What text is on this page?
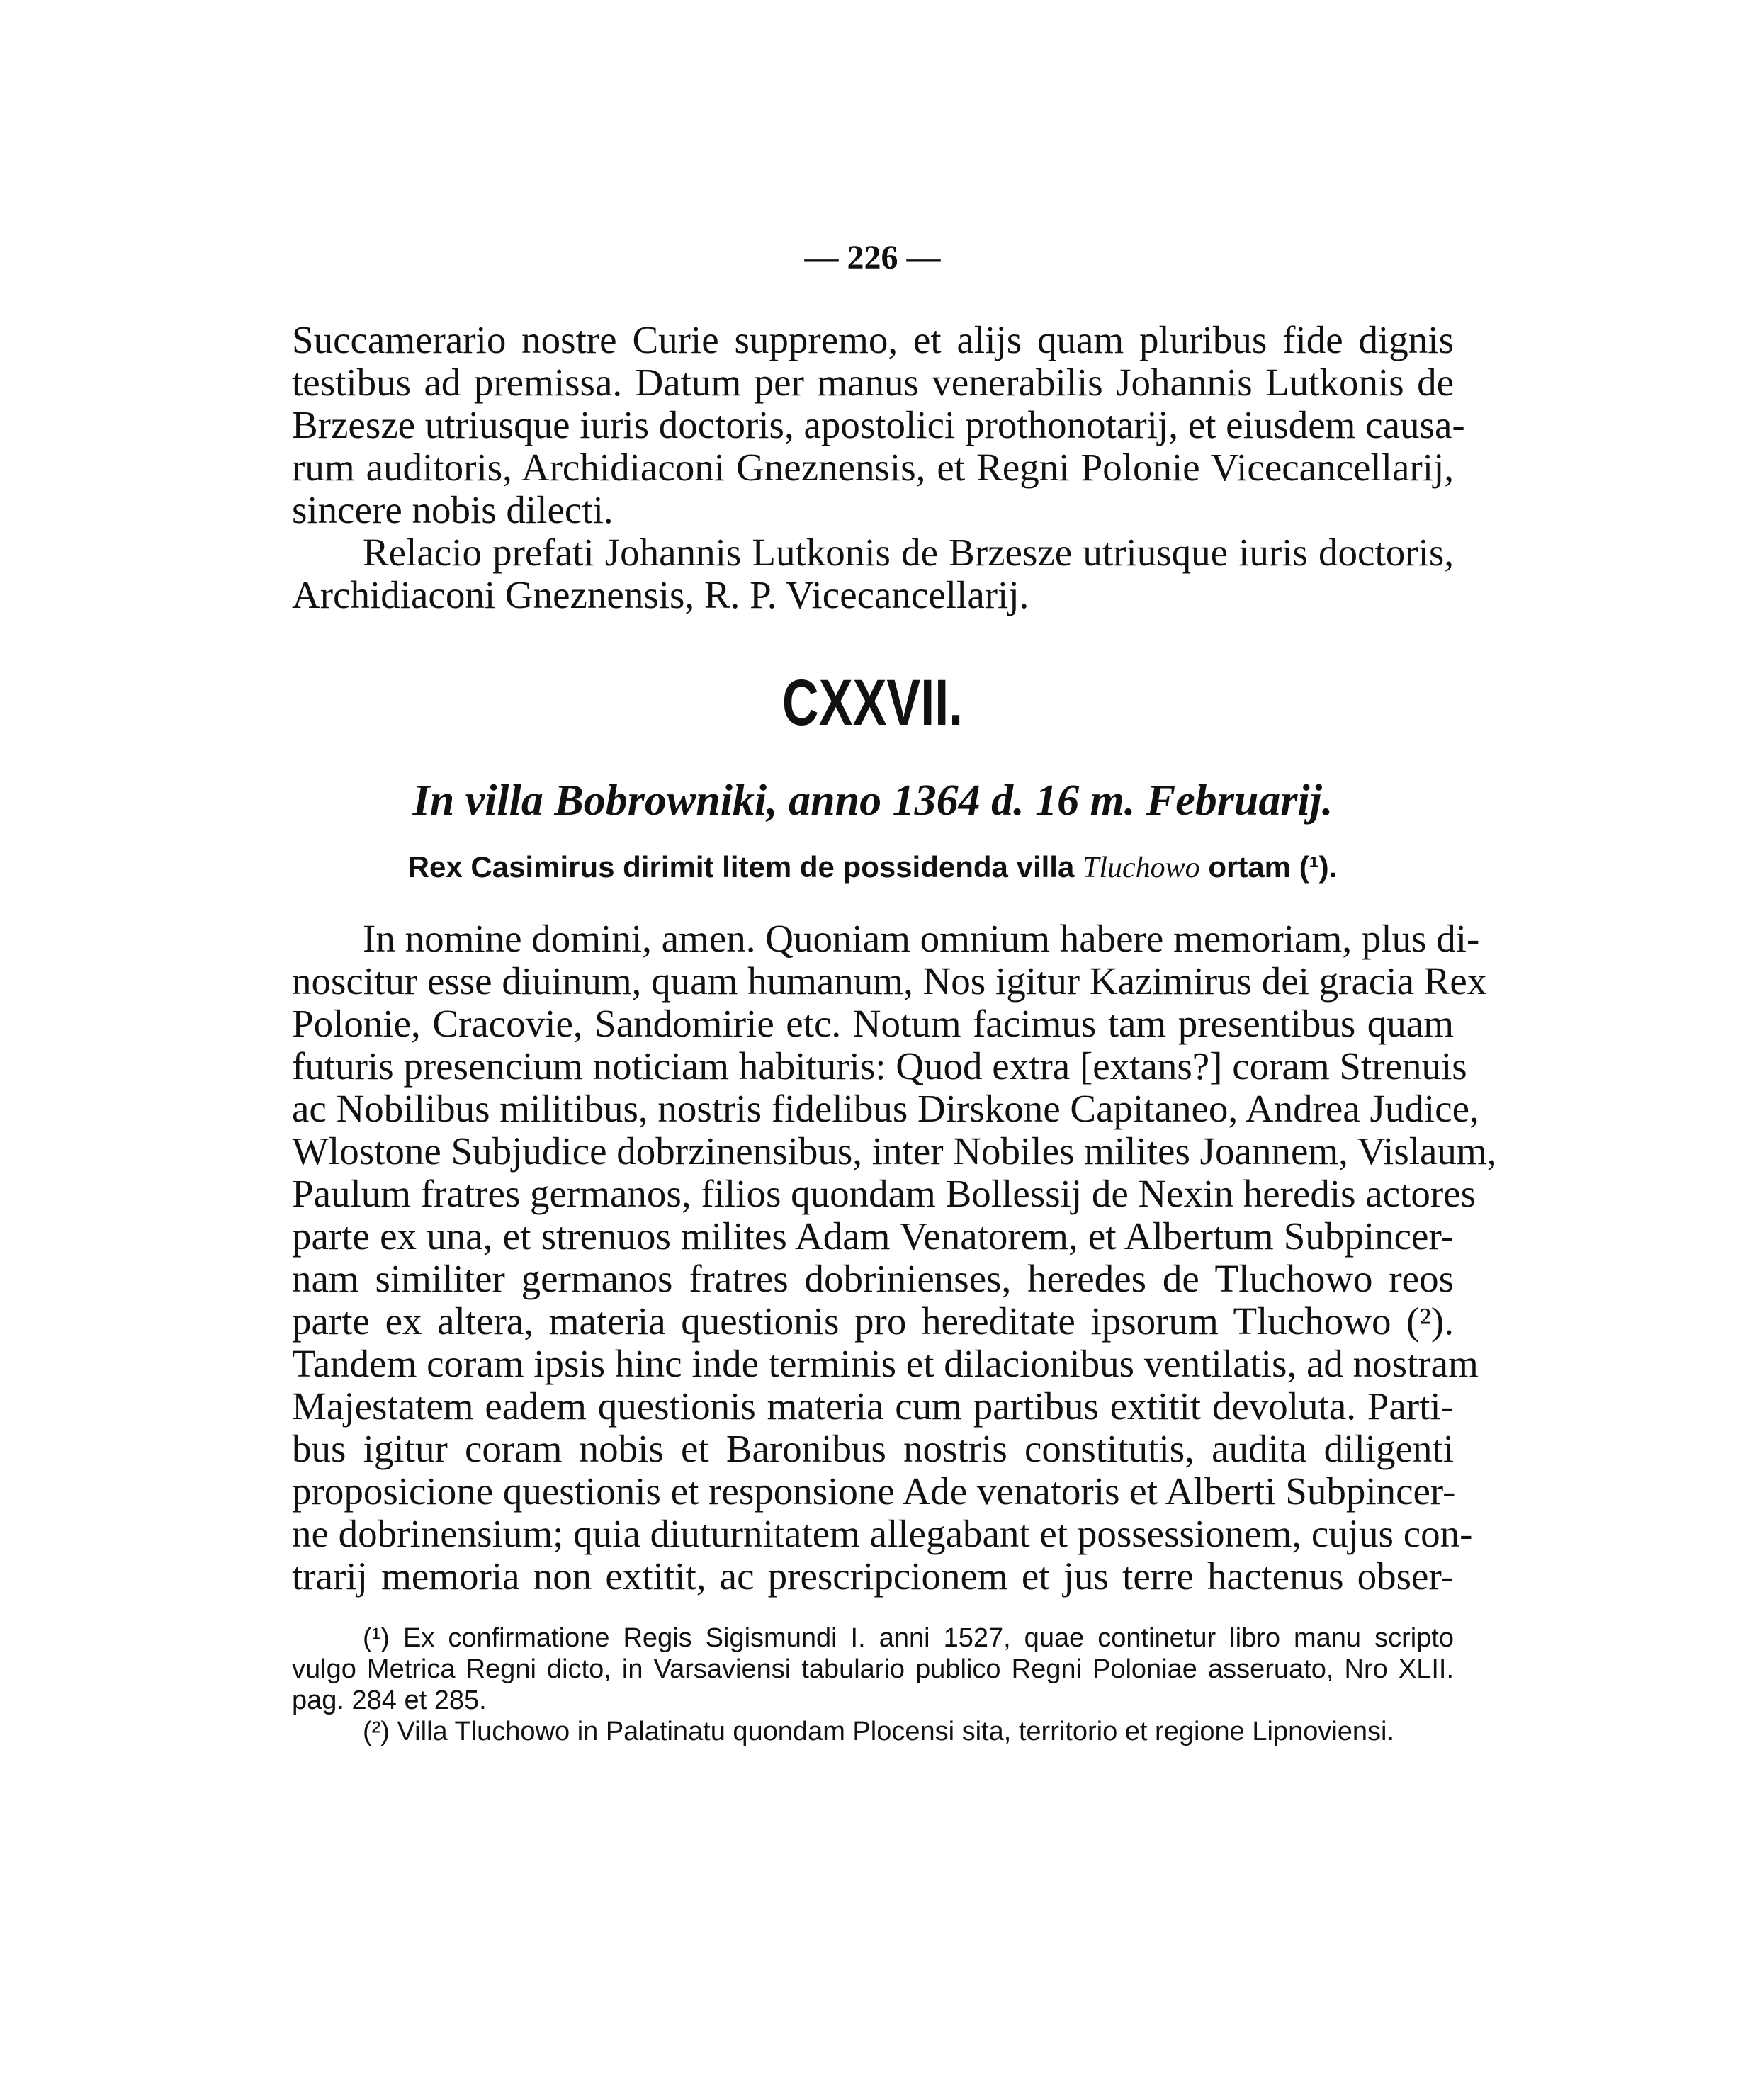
— 226 —
Succamerario nostre Curie suppremo, et alijs quam pluribus fide dignis
testibus ad premissa. Datum per manus venerabilis Johannis Lutkonis de
Brzesze utriusque iuris doctoris, apostolici prothonotarij, et eiusdem causa-
rum auditoris, Archidiaconi Gneznensis, et Regni Polonie Vicecancellarij,
sincere nobis dilecti.
Relacio prefati Johannis Lutkonis de Brzesze utriusque iuris doctoris,
Archidiaconi Gneznensis, R. P. Vicecancellarij.
CXXVII.
In villa Bobrowniki, anno 1364 d. 16 m. Februarij.
Rex Casimirus dirimit litem de possidenda villa Tluchowo ortam (¹).
In nomine domini, amen. Quoniam omnium habere memoriam, plus di-
noscitur esse diuinum, quam humanum, Nos igitur Kazimirus dei gracia Rex
Polonie, Cracovie, Sandomirie etc. Notum facimus tam presentibus quam
futuris presencium noticiam habituris: Quod extra [extans?] coram Strenuis
ac Nobilibus militibus, nostris fidelibus Dirskone Capitaneo, Andrea Judice,
Wlostone Subjudice dobrzinensibus, inter Nobiles milites Joannem, Vislaum,
Paulum fratres germanos, filios quondam Bollessij de Nexin heredis actores
parte ex una, et strenuos milites Adam Venatorem, et Albertum Subpincer-
nam similiter germanos fratres dobrinienses, heredes de Tluchowo reos
parte ex altera, materia questionis pro hereditate ipsorum Tluchowo (²).
Tandem coram ipsis hinc inde terminis et dilacionibus ventilatis, ad nostram
Majestatem eadem questionis materia cum partibus extitit devoluta. Parti-
bus igitur coram nobis et Baronibus nostris constitutis, audita diligenti
proposicione questionis et responsione Ade venatoris et Alberti Subpincer-
ne dobrinensium; quia diuturnitatem allegabant et possessionem, cujus con-
trarij memoria non extitit, ac prescripcionem et jus terre hactenus obser-
(¹) Ex confirmatione Regis Sigismundi I. anni 1527, quae continetur libro manu scripto
vulgo Metrica Regni dicto, in Varsaviensi tabulario publico Regni Poloniae asseruato, Nro XLII.
pag. 284 et 285.
(²) Villa Tluchowo in Palatinatu quondam Plocensi sita, territorio et regione Lipnoviensi.
